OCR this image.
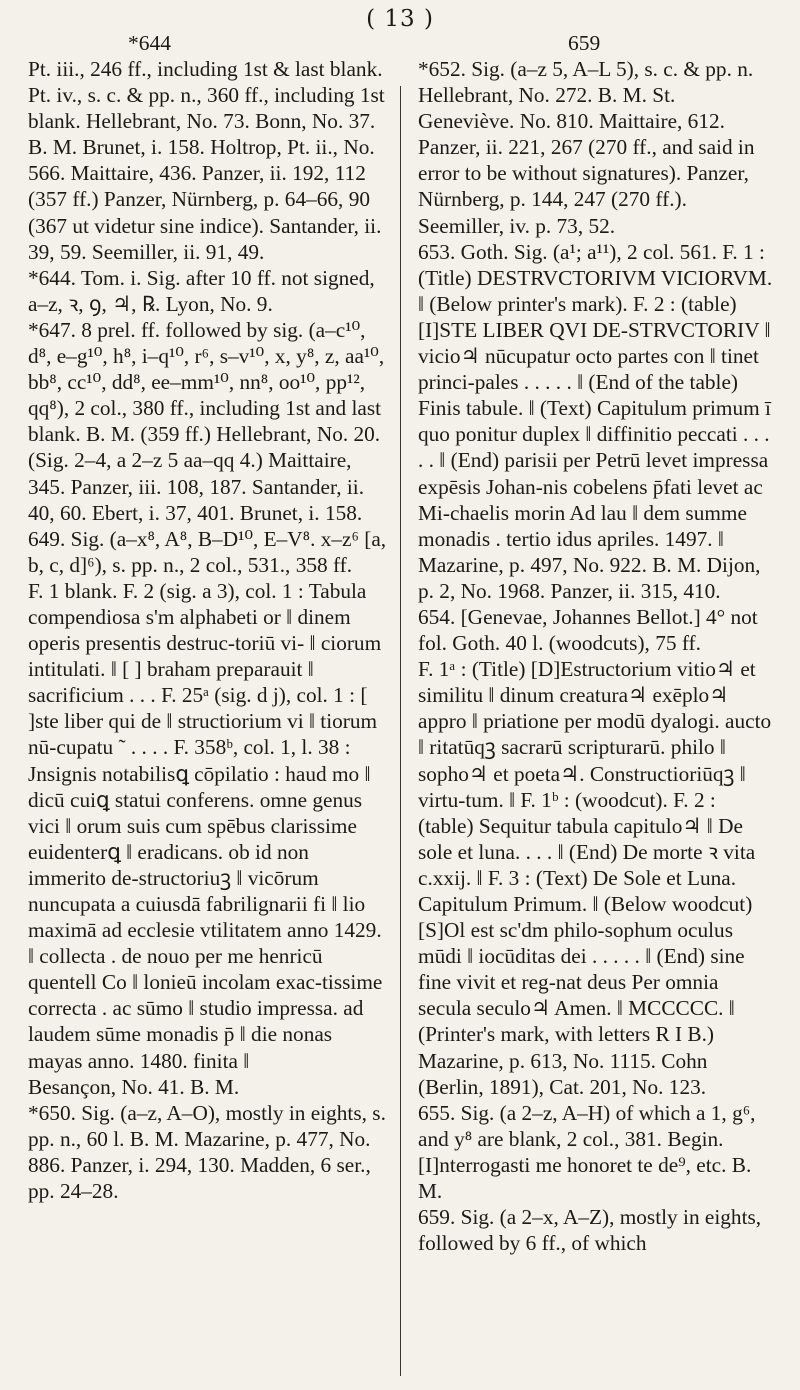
( 13 )
*644
Pt. iii., 246 ff., including 1st & last blank. Pt. iv., s. c. & pp. n., 360 ff., including 1st blank. Hellebrant, No. 73. Bonn, No. 37. B. M. Brunet, i. 158. Holtrop, Pt. ii., No. 566. Maittaire, 436. Panzer, ii. 192, 112 (357 ff.) Panzer, Nürnberg, p. 64–66, 90 (367 ut videtur sine indice). Santander, ii. 39, 59. Seemiller, ii. 91, 49.
*644. Tom. i. Sig. after 10 ff. not signed, a–z, ꝛ, ꝯ, ♃, ℞. Lyon, No. 9.
*647. 8 prel. ff. followed by sig. (a–c¹⁰, d⁸, e–g¹⁰, h⁸, i–q¹⁰, r⁶, s–v¹⁰, x, y⁸, z, aa¹⁰, bb⁸, cc¹⁰, dd⁸, ee–mm¹⁰, nn⁸, oo¹⁰, pp¹², qq⁸), 2 col., 380 ff., including 1st and last blank. B. M. (359 ff.) Hellebrant, No. 20. (Sig. 2–4, a 2–z 5 aa–qq 4.) Maittaire, 345. Panzer, iii. 108, 187. Santander, ii. 40, 60. Ebert, i. 37, 401. Brunet, i. 158.
649. Sig. (a–x⁸, A⁸, B–D¹⁰, E–V⁸. x–z⁶ [a, b, c, d]⁶), s. pp. n., 2 col., 531., 358 ff.
F. 1 blank. F. 2 (sig. a 3), col. 1 : Tabula compendiosa s'm alphabeti or ‖ dinem operis presentis destruc-toriū vi- ‖ ciorum intitulati. ‖ [ ] braham preparauit ‖ sacrificium . . . F. 25ᵃ (sig. d j), col. 1 : [ ]ste liber qui de ‖ structiorium vi ‖ tiorum nū-cupatu ˜ . . . . F. 358ᵇ, col. 1, l. 38 : Jnsignis notabilisꝗ cōpilatio : haud mo ‖ dicū cuiꝗ statui conferens. omne genus vici ‖ orum suis cum spēbus clarissime euidenterꝗ ‖ eradicans. ob id non immerito de-structoriuꝫ ‖ vicōrum nuncupata a cuiusdā fabrilignarii fi ‖ lio maximā ad ecclesie vtilitatem anno 1429. ‖ collecta . de nouo per me henricū quentell Co ‖ lonieū incolam exac-tissime correcta . ac sūmo ‖ studio impressa. ad laudem sūme monadis p̄ ‖ die nonas mayas anno. 1480. finita ‖
Besançon, No. 41. B. M.
*650. Sig. (a–z, A–O), mostly in eights, s. pp. n., 60 l. B. M. Mazarine, p. 477, No. 886. Panzer, i. 294, 130. Madden, 6 ser., pp. 24–28.
659
*652. Sig. (a–z 5, A–L 5), s. c. & pp. n. Hellebrant, No. 272. B. M. St. Geneviève. No. 810. Maittaire, 612. Panzer, ii. 221, 267 (270 ff., and said in error to be without signatures). Panzer, Nürnberg, p. 144, 247 (270 ff.). Seemiller, iv. p. 73, 52.
653. Goth. Sig. (a¹; a¹¹), 2 col. 561. F. 1 : (Title) DESTRVCTORIVM VICIORVM. ‖ (Below printer's mark). F. 2 : (table) [I]STE LIBER QVI DE-STRVCTORIV ‖ vicio♃ nūcupatur octo partes con ‖ tinet princi-pales . . . . . ‖ (End of the table) Finis tabule. ‖ (Text) Capitulum primum ī quo ponitur duplex ‖ diffinitio peccati . . . . . ‖ (End) parisii per Petrū levet impressa expēsis Johan-nis cobelens p̄fati levet ac Mi-chaelis morin Ad lau ‖ dem summe monadis . tertio idus apriles. 1497. ‖ Mazarine, p. 497, No. 922. B. M. Dijon, p. 2, No. 1968. Panzer, ii. 315, 410.
654. [Genevae, Johannes Bellot.] 4° not fol. Goth. 40 l. (woodcuts), 75 ff.
F. 1ᵃ : (Title) [D]Estructorium vitio♃ et similitu ‖ dinum creatura♃ exēplo♃ appro ‖ priatione per modū dyalogi. aucto ‖ ritatūqꝫ sacrarū scripturarū. philo ‖ sopho♃ et poeta♃. Constructioriūqꝫ ‖ virtu-tum. ‖ F. 1ᵇ : (woodcut). F. 2 : (table) Sequitur tabula capitulo♃ ‖ De sole et luna. . . . ‖ (End) De morte ꝛ vita c.xxij. ‖ F. 3 : (Text) De Sole et Luna. Capitulum Primum. ‖ (Below woodcut) [S]Ol est sc'dm philo-sophum oculus mūdi ‖ iocūditas dei . . . . . ‖ (End) sine fine vivit et reg-nat deus Per omnia secula seculo♃ Amen. ‖ MCCCCC. ‖ (Printer's mark, with letters R I B.)
Mazarine, p. 613, No. 1115. Cohn (Berlin, 1891), Cat. 201, No. 123.
655. Sig. (a 2–z, A–H) of which a 1, g⁶, and y⁸ are blank, 2 col., 381. Begin. [I]nterrogasti me honoret te de⁹, etc. B. M.
659. Sig. (a 2–x, A–Z), mostly in eights, followed by 6 ff., of which
